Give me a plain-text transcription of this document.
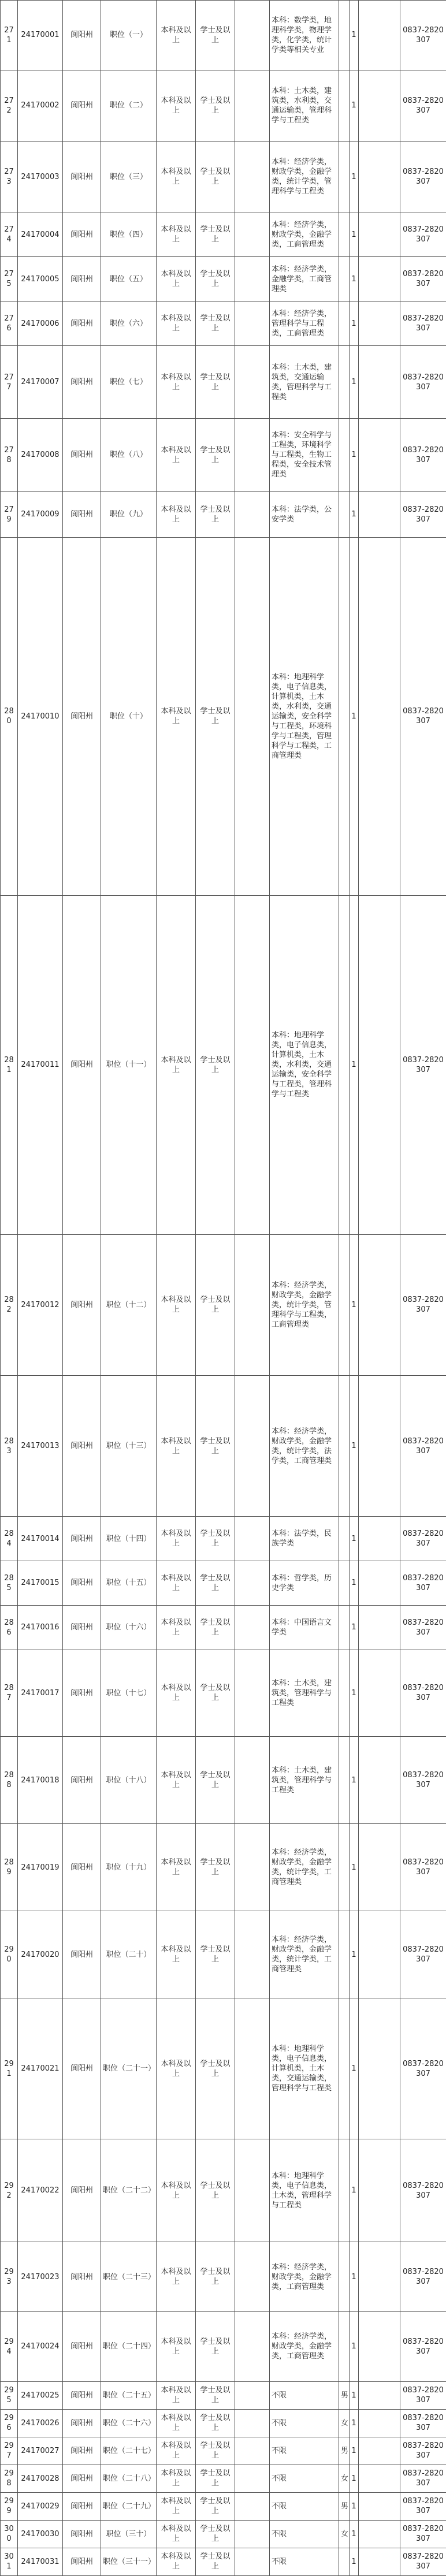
271	24170001	阆阳州	职位（一）	本科及以上	学士及以上		本科：数学类，地理科学类，物理学类，化学类，统计学类等相关专业		1		0837-2820307
272	24170002	阆阳州	职位（二）	本科及以上	学士及以上		本科：土木类，建筑类，水利类，交通运输类，管理科学与工程类		1		0837-2820307
273	24170003	阆阳州	职位（三）	本科及以上	学士及以上		本科：经济学类，财政学类，金融学类，统计学类，管理科学与工程类		1		0837-2820307
274	24170004	阆阳州	职位（四）	本科及以上	学士及以上		本科：经济学类，财政学类，金融学类，工商管理类		1		0837-2820307
275	24170005	阆阳州	职位（五）	本科及以上	学士及以上		本科：经济学类，金融学类，工商管理类		1		0837-2820307
276	24170006	阆阳州	职位（六）	本科及以上	学士及以上		本科：经济学类，管理科学与工程类，工商管理类		1		0837-2820307
277	24170007	阆阳州	职位（七）	本科及以上	学士及以上		本科：土木类，建筑类，交通运输类，管理科学与工程类		1		0837-2820307
278	24170008	阆阳州	职位（八）	本科及以上	学士及以上		本科：安全科学与工程类，环境科学与工程类，生物工程类，安全技术管理类		1		0837-2820307
279	24170009	阆阳州	职位（九）	本科及以上	学士及以上		本科：法学类，公安学类		1		0837-2820307
280	24170010	阆阳州	职位（十）	本科及以上	学士及以上		本科：地理科学类，电子信息类，计算机类，土木类，水利类，交通运输类，安全科学与工程类，环境科学与工程类，管理科学与工程类，工商管理类		1		0837-2820307
281	24170011	阆阳州	职位（十一）	本科及以上	学士及以上		本科：地理科学类，电子信息类，计算机类，土木类，水利类，交通运输类，安全科学与工程类，管理科学与工程类		1		0837-2820307
282	24170012	阆阳州	职位（十二）	本科及以上	学士及以上		本科：经济学类，财政学类，金融学类，统计学类，管理科学与工程类，工商管理类		1		0837-2820307
283	24170013	阆阳州	职位（十三）	本科及以上	学士及以上		本科：经济学类，财政学类，金融学类，统计学类，法学类，工商管理类		1		0837-2820307
284	24170014	阆阳州	职位（十四）	本科及以上	学士及以上		本科：法学类，民族学类		1		0837-2820307
285	24170015	阆阳州	职位（十五）	本科及以上	学士及以上		本科：哲学类，历史学类		1		0837-2820307
286	24170016	阆阳州	职位（十六）	本科及以上	学士及以上		本科：中国语言文学类		1		0837-2820307
287	24170017	阆阳州	职位（十七）	本科及以上	学士及以上		本科：土木类，建筑类，管理科学与工程类		1		0837-2820307
288	24170018	阆阳州	职位（十八）	本科及以上	学士及以上		本科：土木类，建筑类，管理科学与工程类		1		0837-2820307
289	24170019	阆阳州	职位（十九）	本科及以上	学士及以上		本科：经济学类，财政学类，金融学类，统计学类，工商管理类		1		0837-2820307
290	24170020	阆阳州	职位（二十）	本科及以上	学士及以上		本科：经济学类，财政学类，金融学类，统计学类，工商管理类		1		0837-2820307
291	24170021	阆阳州	职位（二十一）	本科及以上	学士及以上		本科：地理科学类，电子信息类，计算机类，土木类，交通运输类，管理科学与工程类		1		0837-2820307
292	24170022	阆阳州	职位（二十二）	本科及以上	学士及以上		本科：地理科学类，电子信息类，土木类，管理科学与工程类		1		0837-2820307
293	24170023	阆阳州	职位（二十三）	本科及以上	学士及以上		本科：经济学类，财政学类，金融学类，工商管理类		1		0837-2820307
294	24170024	阆阳州	职位（二十四）	本科及以上	学士及以上		本科：经济学类，财政学类，金融学类，工商管理类		1		0837-2820307
295	24170025	阆阳州	职位（二十五）	本科及以上	学士及以上		不限	男	1		0837-2820307
296	24170026	阆阳州	职位（二十六）	本科及以上	学士及以上		不限	女	1		0837-2820307
297	24170027	阆阳州	职位（二十七）	本科及以上	学士及以上		不限	男	1		0837-2820307
298	24170028	阆阳州	职位（二十八）	本科及以上	学士及以上		不限	女	1		0837-2820307
299	24170029	阆阳州	职位（二十九）	本科及以上	学士及以上		不限	男	1		0837-2820307
300	24170030	阆阳州	职位（三十）	本科及以上	学士及以上		不限	女	1		0837-2820307
301	24170031	阆阳州	职位（三十一）	本科及以上	学士及以上		不限		1		0837-2820307
